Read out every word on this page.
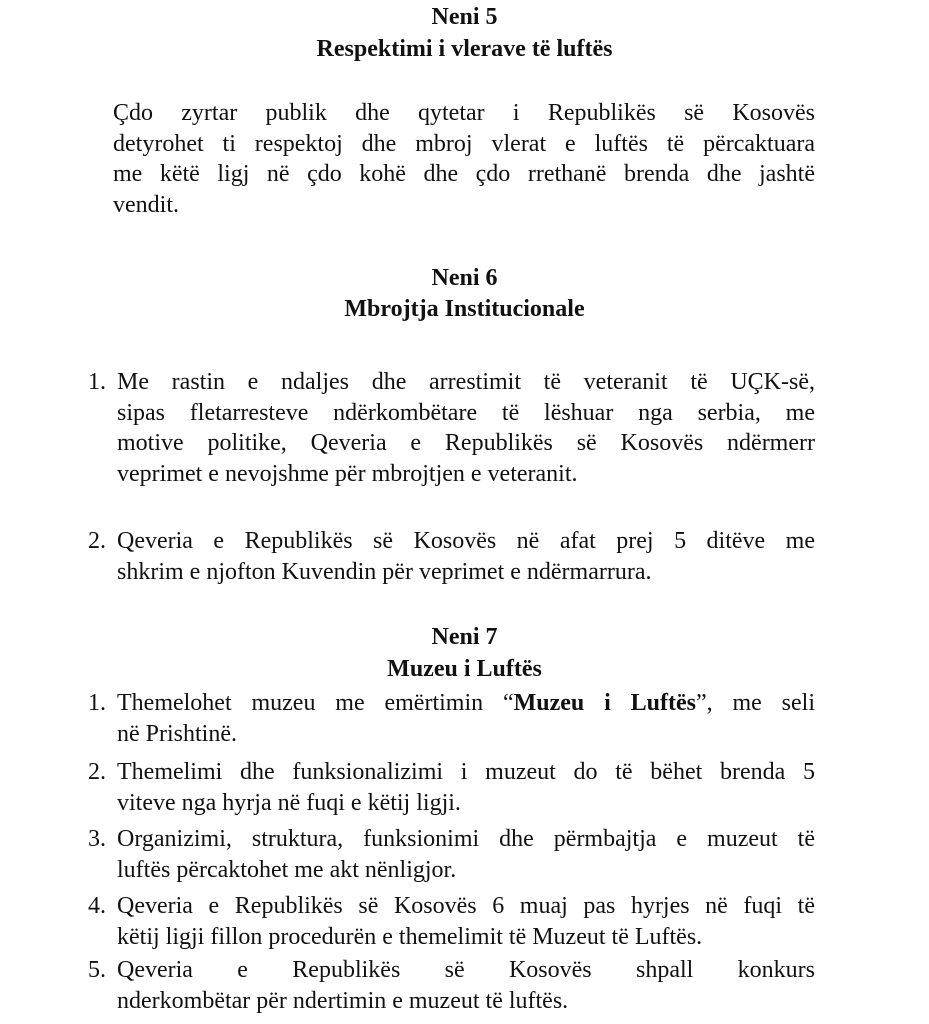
Neni 5
Respektimi i vlerave të luftës
Çdo zyrtar publik dhe qytetar i Republikës së Kosovës
detyrohet ti respektoj dhe mbroj vlerat e luftës të përcaktuara
me këtë ligj në çdo kohë dhe çdo rrethanë brenda dhe jashtë
vendit.
Neni 6
Mbrojtja Institucionale
1. Me rastin e ndaljes dhe arrestimit të veteranit të UÇK-së,
sipas fletarresteve ndërkombëtare të lëshuar nga serbia, me
motive politike, Qeveria e Republikës së Kosovës ndërmerr
veprimet e nevojshme për mbrojtjen e veteranit.
2. Qeveria e Republikës së Kosovës në afat prej 5 ditëve me
shkrim e njofton Kuvendin për veprimet e ndërmarrura.
Neni 7
Muzeu i Luftës
1. Themelohet muzeu me emërtimin “Muzeu i Luftës”, me seli
në Prishtinë.
2. Themelimi dhe funksionalizimi i muzeut do të bëhet brenda 5
viteve nga hyrja në fuqi e këtij ligji.
3. Organizimi, struktura, funksionimi dhe përmbajtja e muzeut të
luftës përcaktohet me akt nënligjor.
4. Qeveria e Republikës së Kosovës 6 muaj pas hyrjes në fuqi të
këtij ligji fillon procedurën e themelimit të Muzeut të Luftës.
5. Qeveria e Republikës së Kosovës shpall konkurs
nderkombëtar për ndertimin e muzeut të luftës.
